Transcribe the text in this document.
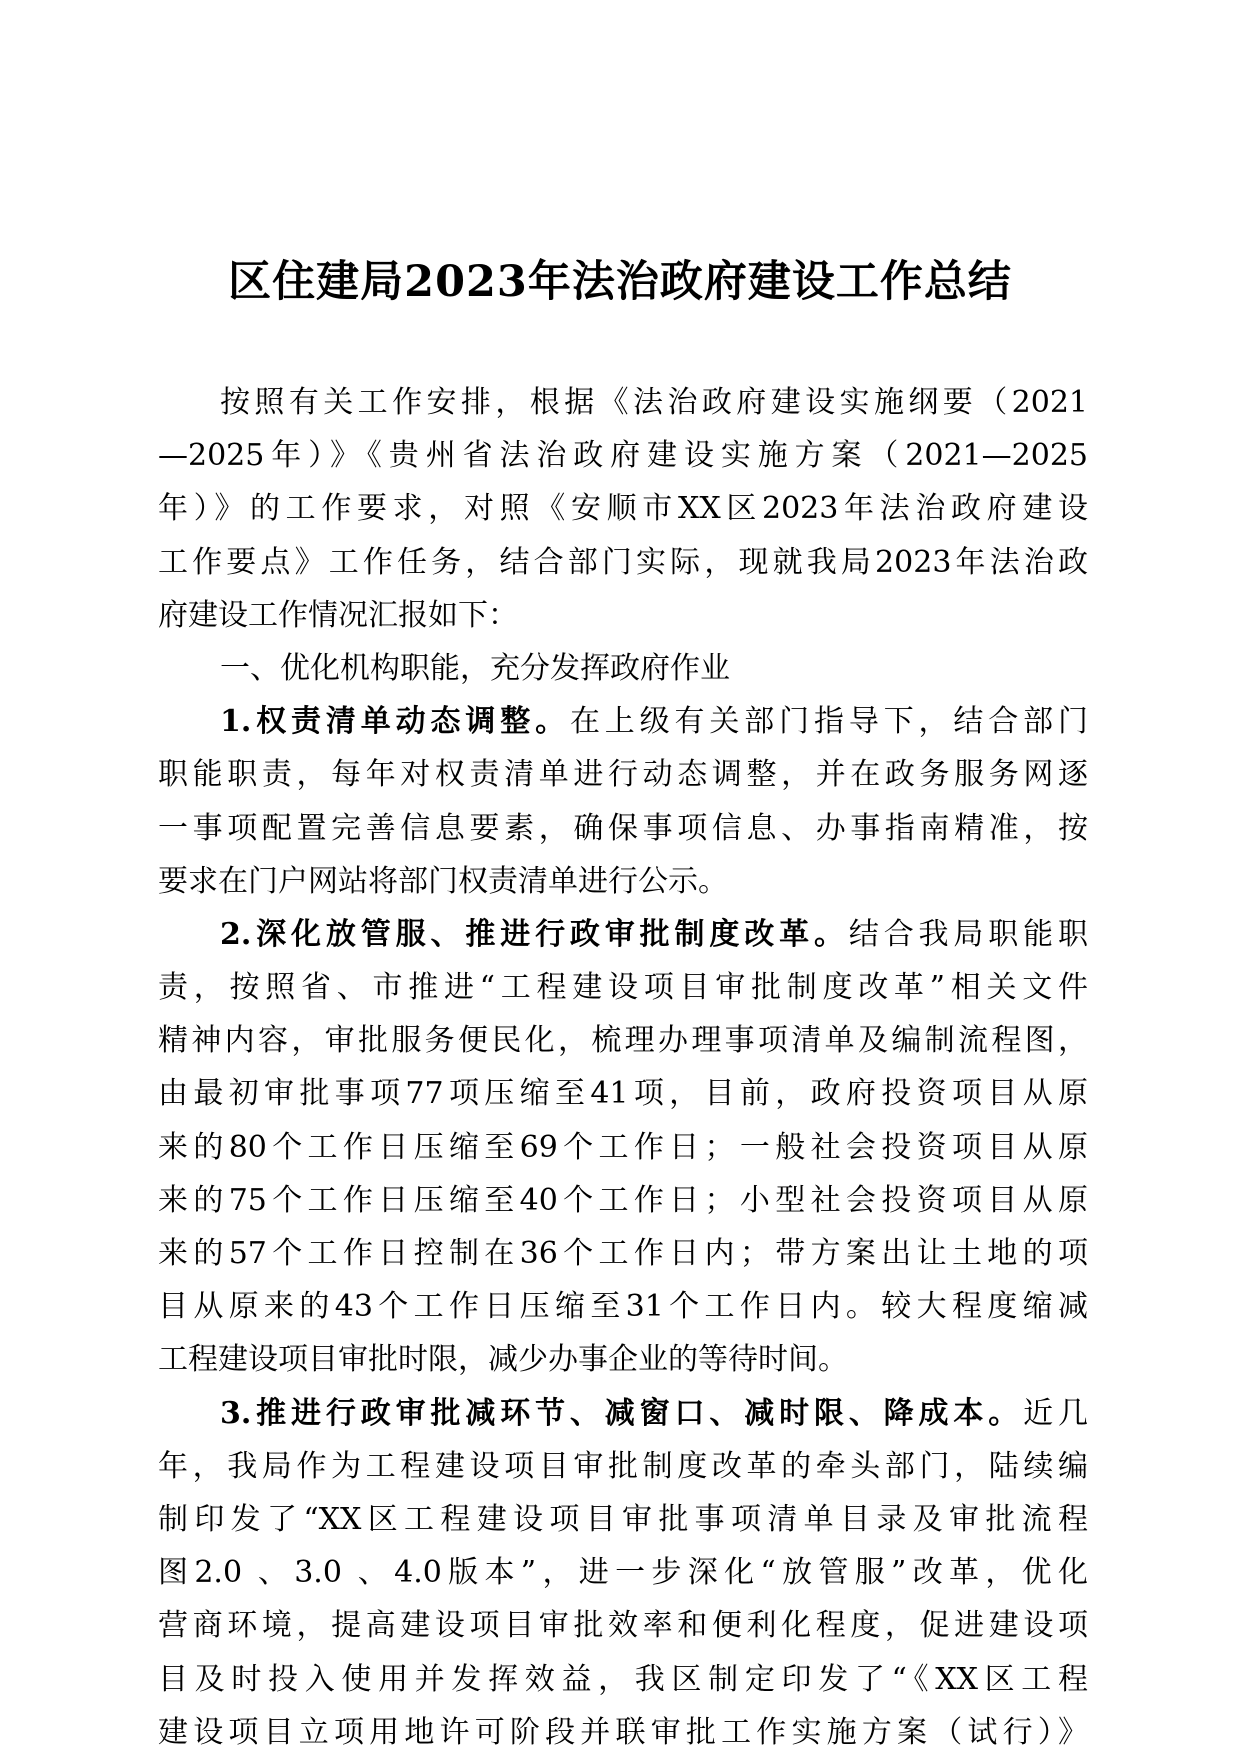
区住建局2023年法治政府建设工作总结
按照有关工作安排，根据《法治政府建设实施纲要（2021
—2025年）》《贵州省法治政府建设实施方案（2021—2025
年）》的工作要求，对照《安顺市XX区2023年法治政府建设
工作要点》工作任务，结合部门实际，现就我局2023年法治政
府建设工作情况汇报如下：
一、优化机构职能，充分发挥政府作业
1.权责清单动态调整。在上级有关部门指导下，结合部门
职能职责，每年对权责清单进行动态调整，并在政务服务网逐
一事项配置完善信息要素，确保事项信息、办事指南精准，按
要求在门户网站将部门权责清单进行公示。
2.深化放管服、推进行政审批制度改革。结合我局职能职
责，按照省、市推进“工程建设项目审批制度改革”相关文件
精神内容，审批服务便民化，梳理办理事项清单及编制流程图，
由最初审批事项77项压缩至41项，目前，政府投资项目从原
来的80个工作日压缩至69个工作日；一般社会投资项目从原
来的75个工作日压缩至40个工作日；小型社会投资项目从原
来的57个工作日控制在36个工作日内；带方案出让土地的项
目从原来的43个工作日压缩至31个工作日内。较大程度缩减
工程建设项目审批时限，减少办事企业的等待时间。
3.推进行政审批减环节、减窗口、减时限、降成本。近几
年，我局作为工程建设项目审批制度改革的牵头部门，陆续编
制印发了“XX区工程建设项目审批事项清单目录及审批流程
图2.0 、3.0 、4.0版本”，进一步深化“放管服”改革，优化
营商环境，提高建设项目审批效率和便利化程度，促进建设项
目及时投入使用并发挥效益，我区制定印发了“《XX区工程
建设项目立项用地许可阶段并联审批工作实施方案（试行）》
